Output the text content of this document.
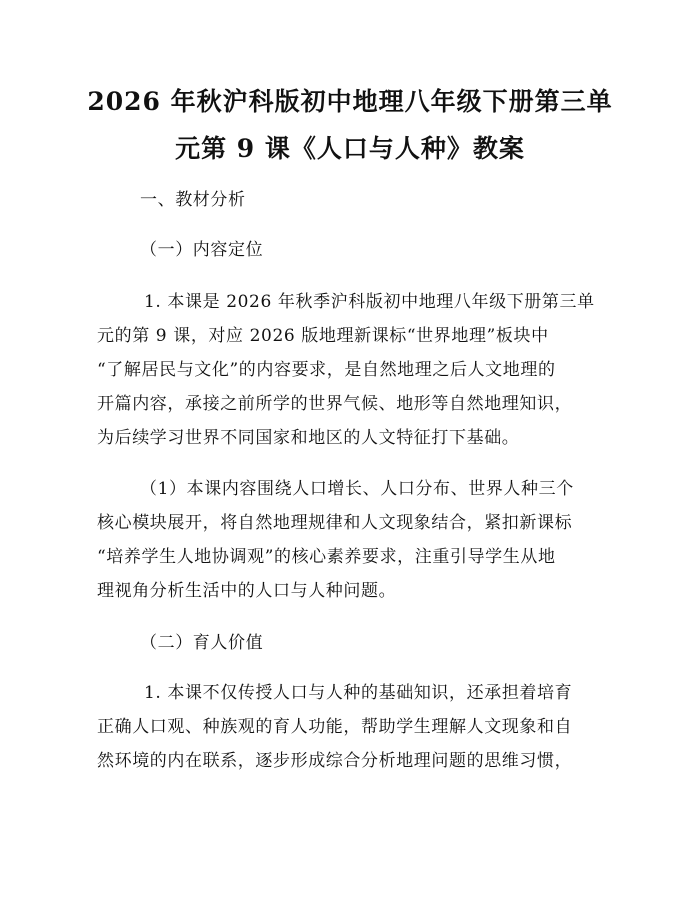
2026 年秋沪科版初中地理八年级下册第三单
元第 9 课《人口与人种》教案
一、教材分析
（一）内容定位
1. 本课是 2026 年秋季沪科版初中地理八年级下册第三单
元的第 9 课，对应 2026 版地理新课标“世界地理”板块中
“了解居民与文化”的内容要求，是自然地理之后人文地理的
开篇内容，承接之前所学的世界气候、地形等自然地理知识，
为后续学习世界不同国家和地区的人文特征打下基础。
（1）本课内容围绕人口增长、人口分布、世界人种三个
核心模块展开，将自然地理规律和人文现象结合，紧扣新课标
“培养学生人地协调观”的核心素养要求，注重引导学生从地
理视角分析生活中的人口与人种问题。
（二）育人价值
1. 本课不仅传授人口与人种的基础知识，还承担着培育
正确人口观、种族观的育人功能，帮助学生理解人文现象和自
然环境的内在联系，逐步形成综合分析地理问题的思维习惯，
